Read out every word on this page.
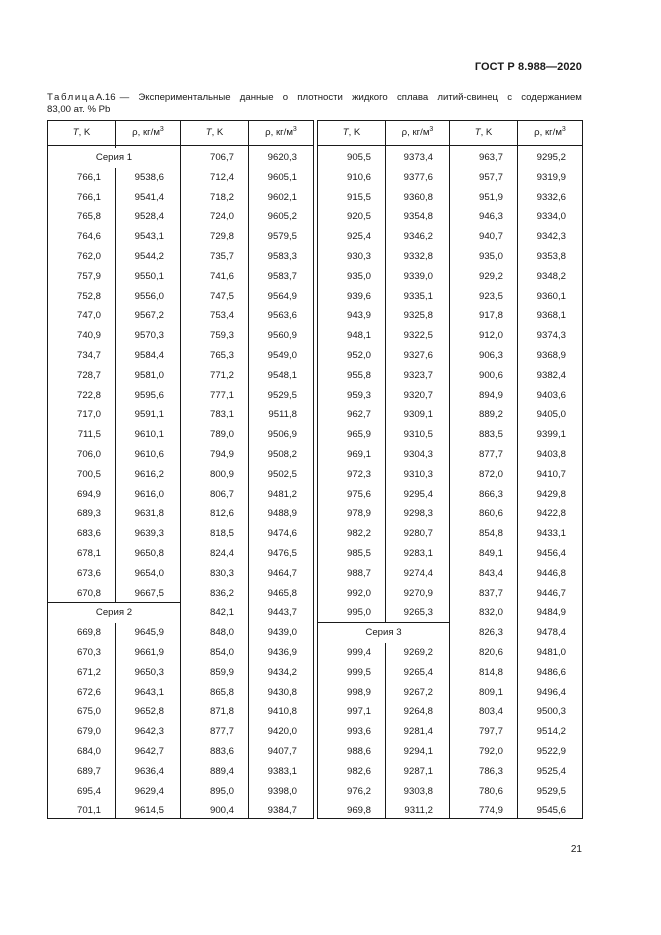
ГОСТ Р 8.988—2020
Таблица А.16 — Экспериментальные данные о плотности жидкого сплава литий-свинец с содержанием
83,00 ат. % Pb
T, K	ρ, $кг/м^3$
Серия 1
766,1	9538,6
766,1	9541,4
765,8	9528,4
764,6	9543,1
762,0	9544,2
757,9	9550,1
752,8	9556,0
747,0	9567,2
740,9	9570,3
734,7	9584,4
728,7	9581,0
722,8	9595,6
717,0	9591,1
711,5	9610,1
706,0	9610,6
700,5	9616,2
694,9	9616,0
689,3	9631,8
683,6	9639,3
678,1	9650,8
673,6	9654,0
670,8	9667,5
Серия 2
669,8	9645,9
670,3	9661,9
671,2	9650,3
672,6	9643,1
675,0	9652,8
679,0	9642,3
684,0	9642,7
689,7	9636,4
695,4	9629,4
701,1	9614,5
T, K	ρ, $кг/м^3$
706,7	9620,3
712,4	9605,1
718,2	9602,1
724,0	9605,2
729,8	9579,5
735,7	9583,3
741,6	9583,7
747,5	9564,9
753,4	9563,6
759,3	9560,9
765,3	9549,0
771,2	9548,1
777,1	9529,5
783,1	9511,8
789,0	9506,9
794,9	9508,2
800,9	9502,5
806,7	9481,2
812,6	9488,9
818,5	9474,6
824,4	9476,5
830,3	9464,7
836,2	9465,8
842,1	9443,7
848,0	9439,0
854,0	9436,9
859,9	9434,2
865,8	9430,8
871,8	9410,8
877,7	9420,0
883,6	9407,7
889,4	9383,1
895,0	9398,0
900,4	9384,7
T, K	ρ, $кг/м^3$
905,5	9373,4
910,6	9377,6
915,5	9360,8
920,5	9354,8
925,4	9346,2
930,3	9332,8
935,0	9339,0
939,6	9335,1
943,9	9325,8
948,1	9322,5
952,0	9327,6
955,8	9323,7
959,3	9320,7
962,7	9309,1
965,9	9310,5
969,1	9304,3
972,3	9310,3
975,6	9295,4
978,9	9298,3
982,2	9280,7
985,5	9283,1
988,7	9274,4
992,0	9270,9
995,0	9265,3
Серия 3
999,4	9269,2
999,5	9265,4
998,9	9267,2
997,1	9264,8
993,6	9281,4
988,6	9294,1
982,6	9287,1
976,2	9303,8
969,8	9311,2
T, K	ρ, $кг/м^3$
963,7	9295,2
957,7	9319,9
951,9	9332,6
946,3	9334,0
940,7	9342,3
935,0	9353,8
929,2	9348,2
923,5	9360,1
917,8	9368,1
912,0	9374,3
906,3	9368,9
900,6	9382,4
894,9	9403,6
889,2	9405,0
883,5	9399,1
877,7	9403,8
872,0	9410,7
866,3	9429,8
860,6	9422,8
854,8	9433,1
849,1	9456,4
843,4	9446,8
837,7	9446,7
832,0	9484,9
826,3	9478,4
820,6	9481,0
814,8	9486,6
809,1	9496,4
803,4	9500,3
797,7	9514,2
792,0	9522,9
786,3	9525,4
780,6	9529,5
774,9	9545,6
21
